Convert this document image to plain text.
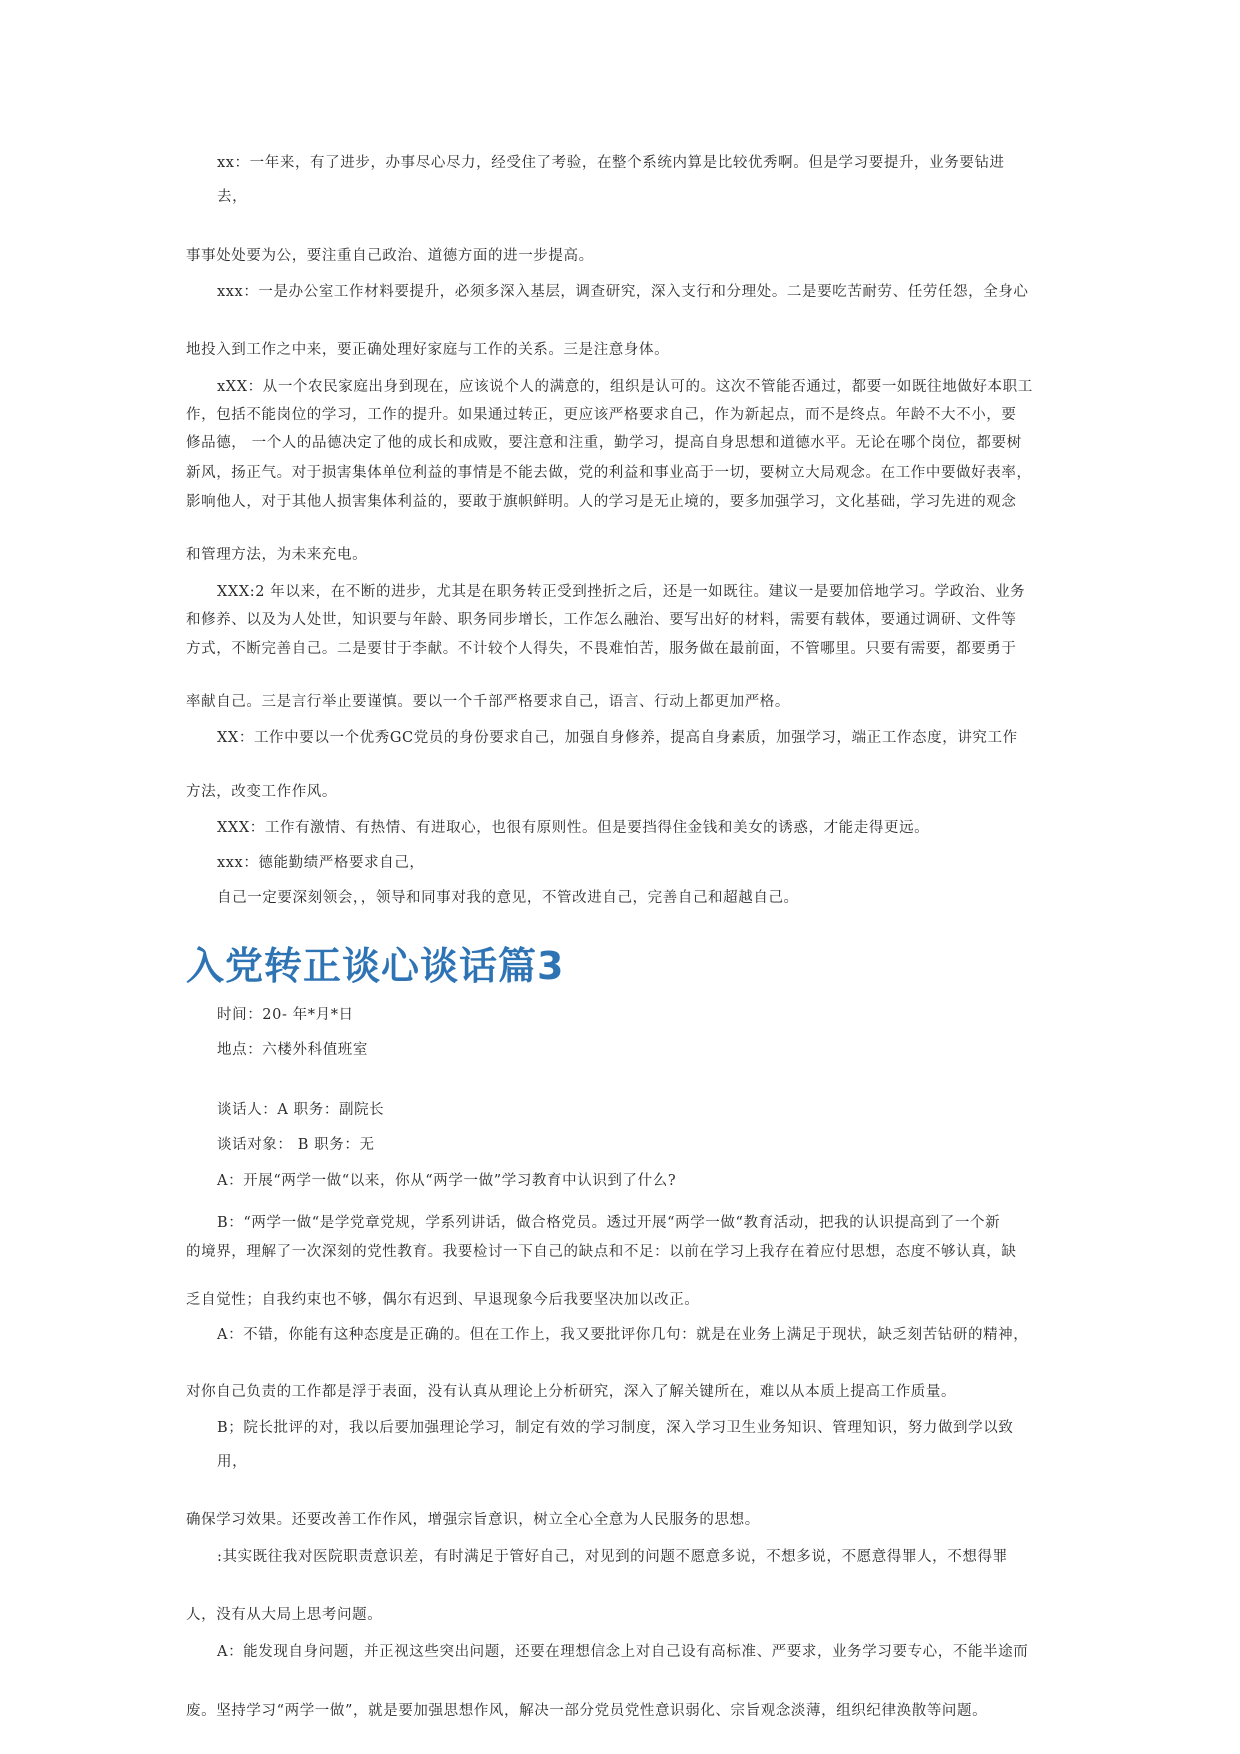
xx：一年来，有了进步，办事尽心尽力，经受住了考验，在整个系统内算是比较优秀啊。但是学习要提升，业务要钻进
去，
事事处处要为公，要注重自己政治、道德方面的进一步提高。
xxx：一是办公室工作材料要提升，必须多深入基层，调查研究，深入支行和分理处。二是要吃苦耐劳、任劳任怨，全身心
地投入到工作之中来，要正确处理好家庭与工作的关系。三是注意身体。
xXX：从一个农民家庭出身到现在，应该说个人的满意的，组织是认可的。这次不管能否通过，都要一如既往地做好本职工
作，包括不能岗位的学习，工作的提升。如果通过转正，更应该严格要求自己，作为新起点，而不是终点。年龄不大不小，要
修品德， 一个人的品德决定了他的成长和成败，要注意和注重，勤学习，提高自身思想和道德水平。无论在哪个岗位，都要树
新风，扬正气。对于损害集体单位利益的事情是不能去做，党的利益和事业高于一切，要树立大局观念。在工作中要做好表率，
影响他人，对于其他人损害集体利益的，要敢于旗帜鲜明。人的学习是无止境的，要多加强学习，文化基础，学习先进的观念
和管理方法，为未来充电。
XXX:2 年以来，在不断的进步，尤其是在职务转正受到挫折之后，还是一如既往。建议一是要加倍地学习。学政治、业务
和修养、以及为人处世，知识要与年龄、职务同步增长，工作怎么融治、要写出好的材料，需要有载体，要通过调研、文件等
方式，不断完善自己。二是要甘于李献。不计较个人得失，不畏难怕苦，服务做在最前面，不管哪里。只要有需要，都要勇于
率献自己。三是言行举止要谨慎。要以一个千部严格要求自己，语言、行动上都更加严格。
XX：工作中要以一个优秀GC党员的身份要求自己，加强自身修养，提高自身素质，加强学习，端正工作态度，讲究工作
方法，改变工作作风。
XXX：工作有激情、有热情、有进取心，也很有原则性。但是要挡得住金钱和美女的诱惑，才能走得更远。
xxx：德能勤绩严格要求自己，
自己一定要深刻领会，，领导和同事对我的意见，不管改进自己，完善自己和超越自己。
入党转正谈心谈话篇3
时间：20- 年*月*日
地点：六楼外科值班室
谈话人：A 职务：副院长
谈话对象： B 职务：无
A：开展“两学一做“以来，你从“两学一做”学习教育中认识到了什么?
B：“两学一做“是学党章党规，学系列讲话，做合格党员。透过开展“两学一做“教育活动，把我的认识提高到了一个新
的境界，理解了一次深刻的党性教育。我要检讨一下自己的缺点和不足：以前在学习上我存在着应付思想，态度不够认真，缺
乏自觉性；自我约束也不够，偶尔有迟到、早退现象今后我要坚决加以改正。
A：不错，你能有这种态度是正确的。但在工作上，我又要批评你几句：就是在业务上满足于现状，缺乏刻苦钻研的精神，
对你自己负责的工作都是浮于表面，没有认真从理论上分析研究，深入了解关键所在，难以从本质上提高工作质量。
B；院长批评的对，我以后要加强理论学习，制定有效的学习制度，深入学习卫生业务知识、管理知识，努力做到学以致
用，
确保学习效果。还要改善工作作风，增强宗旨意识，树立全心全意为人民服务的思想。
:其实既往我对医院职责意识差，有时满足于管好自己，对见到的问题不愿意多说，不想多说，不愿意得罪人，不想得罪
人，没有从大局上思考问题。
A：能发现自身问题，并正视这些突出问题，还要在理想信念上对自己设有高标准、严要求，业务学习要专心，不能半途而
废。坚持学习“两学一做”，就是要加强思想作风，解决一部分党员党性意识弱化、宗旨观念淡薄，组织纪律涣散等问题。
